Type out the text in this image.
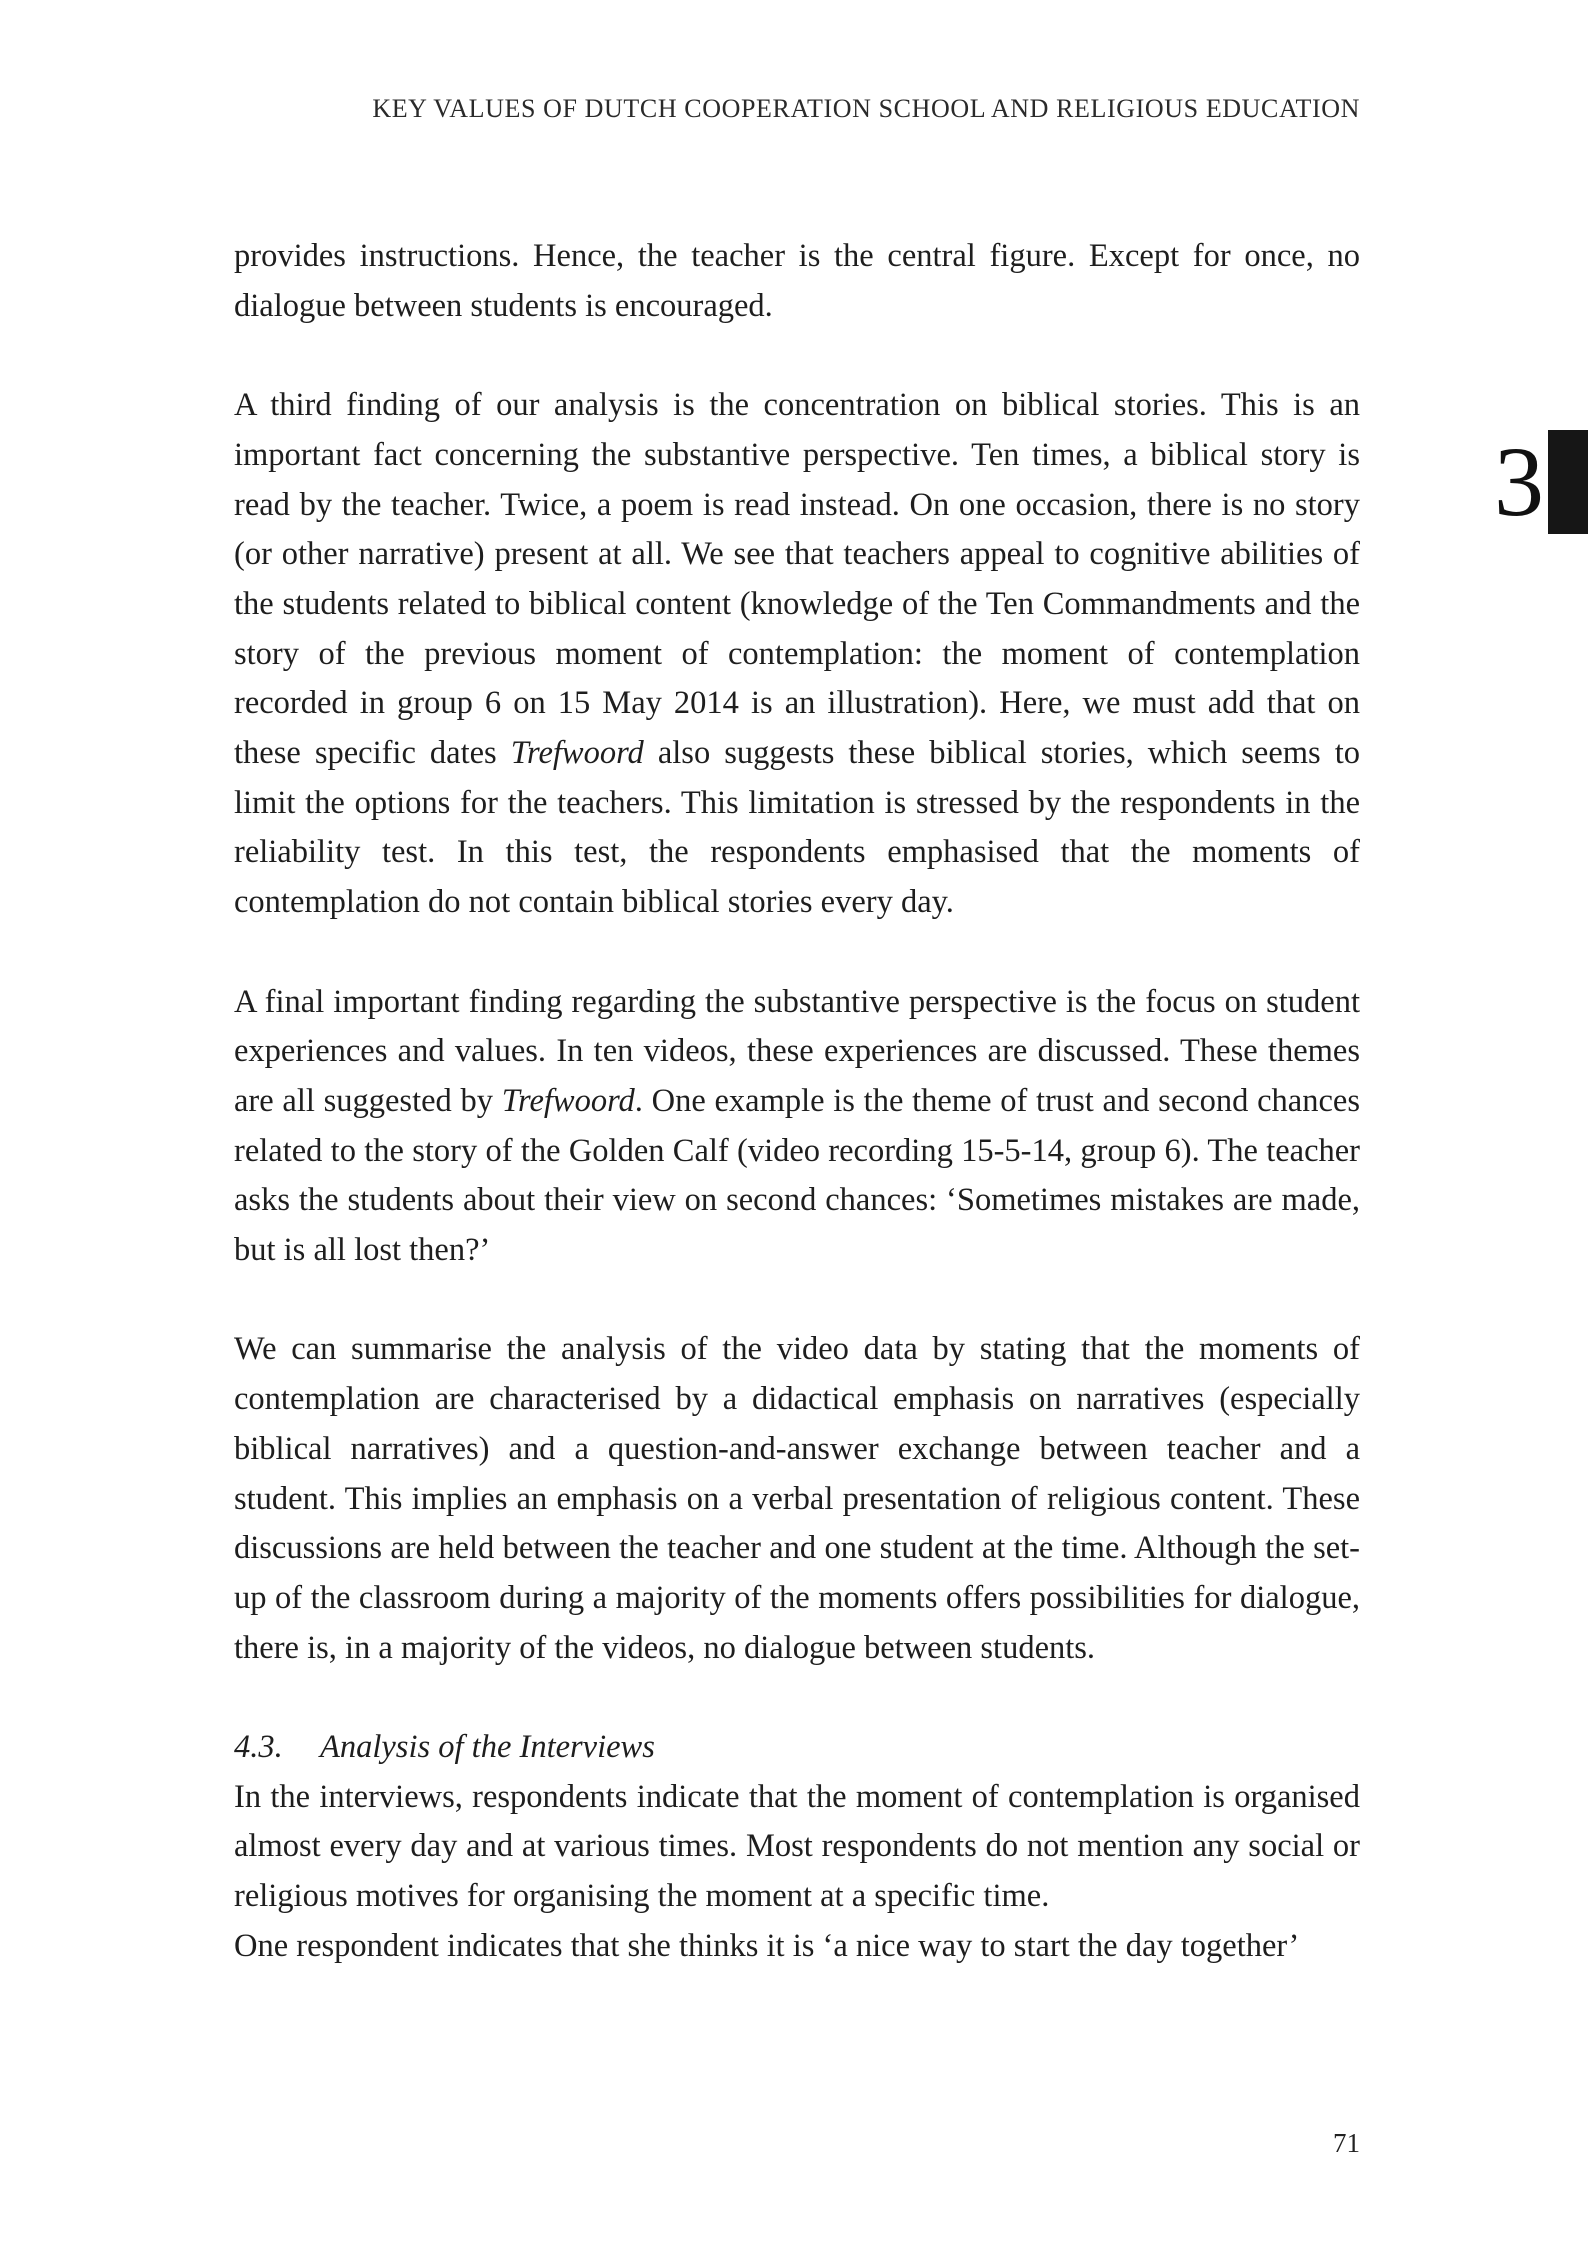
KEY VALUES OF DUTCH COOPERATION SCHOOL AND RELIGIOUS EDUCATION
3

provides instructions. Hence, the teacher is the central figure. Except for once, no dialogue between students is encouraged.

A third finding of our analysis is the concentration on biblical stories. This is an important fact concerning the substantive perspective. Ten times, a biblical story is read by the teacher. Twice, a poem is read instead. On one occasion, there is no story (or other narrative) present at all. We see that teachers appeal to cognitive abilities of the students related to biblical content (knowledge of the Ten Commandments and the story of the previous moment of contemplation: the moment of contemplation recorded in group 6 on 15 May 2014 is an illustration). Here, we must add that on these specific dates Trefwoord also suggests these biblical stories, which seems to limit the options for the teachers. This limitation is stressed by the respondents in the reliability test. In this test, the respondents emphasised that the moments of contemplation do not contain biblical stories every day.

A final important finding regarding the substantive perspective is the focus on student experiences and values. In ten videos, these experiences are discussed. These themes are all suggested by Trefwoord. One example is the theme of trust and second chances related to the story of the Golden Calf (video recording 15-5-14, group 6). The teacher asks the students about their view on second chances: ‘Sometimes mistakes are made, but is all lost then?’

We can summarise the analysis of the video data by stating that the moments of contemplation are characterised by a didactical emphasis on narratives (especially biblical narratives) and a question-and-answer exchange between teacher and a student. This implies an emphasis on a verbal presentation of religious content. These discussions are held between the teacher and one student at the time. Although the set-up of the classroom during a majority of the moments offers possibilities for dialogue, there is, in a majority of the videos, no dialogue between students.

4.3. Analysis of the Interviews

In the interviews, respondents indicate that the moment of contemplation is organised almost every day and at various times. Most respondents do not mention any social or religious motives for organising the moment at a specific time.

One respondent indicates that she thinks it is ‘a nice way to start the day together’

71
